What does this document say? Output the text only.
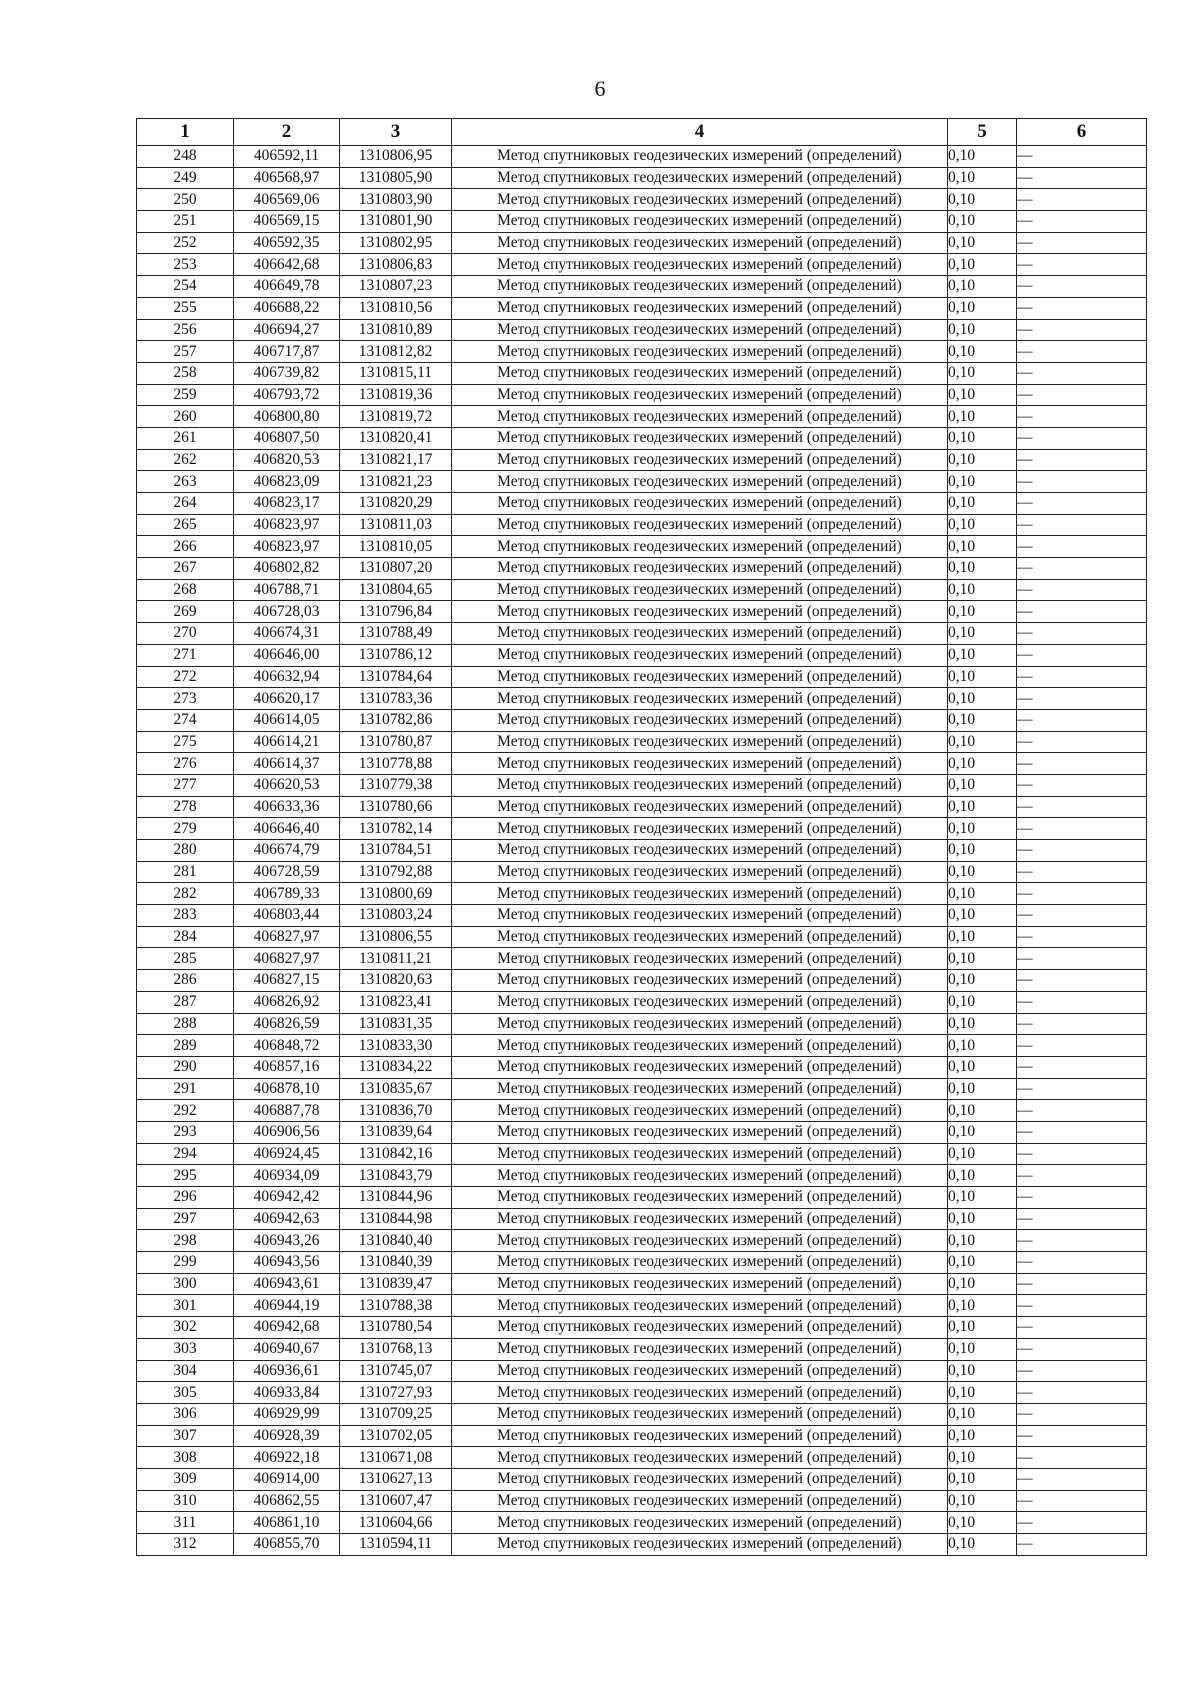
6
1	2	3	4	5	6
248	406592,11	1310806,95	Метод спутниковых геодезических измерений (определений)	0,10	—
249	406568,97	1310805,90	Метод спутниковых геодезических измерений (определений)	0,10	—
250	406569,06	1310803,90	Метод спутниковых геодезических измерений (определений)	0,10	—
251	406569,15	1310801,90	Метод спутниковых геодезических измерений (определений)	0,10	—
252	406592,35	1310802,95	Метод спутниковых геодезических измерений (определений)	0,10	—
253	406642,68	1310806,83	Метод спутниковых геодезических измерений (определений)	0,10	—
254	406649,78	1310807,23	Метод спутниковых геодезических измерений (определений)	0,10	—
255	406688,22	1310810,56	Метод спутниковых геодезических измерений (определений)	0,10	—
256	406694,27	1310810,89	Метод спутниковых геодезических измерений (определений)	0,10	—
257	406717,87	1310812,82	Метод спутниковых геодезических измерений (определений)	0,10	—
258	406739,82	1310815,11	Метод спутниковых геодезических измерений (определений)	0,10	—
259	406793,72	1310819,36	Метод спутниковых геодезических измерений (определений)	0,10	—
260	406800,80	1310819,72	Метод спутниковых геодезических измерений (определений)	0,10	—
261	406807,50	1310820,41	Метод спутниковых геодезических измерений (определений)	0,10	—
262	406820,53	1310821,17	Метод спутниковых геодезических измерений (определений)	0,10	—
263	406823,09	1310821,23	Метод спутниковых геодезических измерений (определений)	0,10	—
264	406823,17	1310820,29	Метод спутниковых геодезических измерений (определений)	0,10	—
265	406823,97	1310811,03	Метод спутниковых геодезических измерений (определений)	0,10	—
266	406823,97	1310810,05	Метод спутниковых геодезических измерений (определений)	0,10	—
267	406802,82	1310807,20	Метод спутниковых геодезических измерений (определений)	0,10	—
268	406788,71	1310804,65	Метод спутниковых геодезических измерений (определений)	0,10	—
269	406728,03	1310796,84	Метод спутниковых геодезических измерений (определений)	0,10	—
270	406674,31	1310788,49	Метод спутниковых геодезических измерений (определений)	0,10	—
271	406646,00	1310786,12	Метод спутниковых геодезических измерений (определений)	0,10	—
272	406632,94	1310784,64	Метод спутниковых геодезических измерений (определений)	0,10	—
273	406620,17	1310783,36	Метод спутниковых геодезических измерений (определений)	0,10	—
274	406614,05	1310782,86	Метод спутниковых геодезических измерений (определений)	0,10	—
275	406614,21	1310780,87	Метод спутниковых геодезических измерений (определений)	0,10	—
276	406614,37	1310778,88	Метод спутниковых геодезических измерений (определений)	0,10	—
277	406620,53	1310779,38	Метод спутниковых геодезических измерений (определений)	0,10	—
278	406633,36	1310780,66	Метод спутниковых геодезических измерений (определений)	0,10	—
279	406646,40	1310782,14	Метод спутниковых геодезических измерений (определений)	0,10	—
280	406674,79	1310784,51	Метод спутниковых геодезических измерений (определений)	0,10	—
281	406728,59	1310792,88	Метод спутниковых геодезических измерений (определений)	0,10	—
282	406789,33	1310800,69	Метод спутниковых геодезических измерений (определений)	0,10	—
283	406803,44	1310803,24	Метод спутниковых геодезических измерений (определений)	0,10	—
284	406827,97	1310806,55	Метод спутниковых геодезических измерений (определений)	0,10	—
285	406827,97	1310811,21	Метод спутниковых геодезических измерений (определений)	0,10	—
286	406827,15	1310820,63	Метод спутниковых геодезических измерений (определений)	0,10	—
287	406826,92	1310823,41	Метод спутниковых геодезических измерений (определений)	0,10	—
288	406826,59	1310831,35	Метод спутниковых геодезических измерений (определений)	0,10	—
289	406848,72	1310833,30	Метод спутниковых геодезических измерений (определений)	0,10	—
290	406857,16	1310834,22	Метод спутниковых геодезических измерений (определений)	0,10	—
291	406878,10	1310835,67	Метод спутниковых геодезических измерений (определений)	0,10	—
292	406887,78	1310836,70	Метод спутниковых геодезических измерений (определений)	0,10	—
293	406906,56	1310839,64	Метод спутниковых геодезических измерений (определений)	0,10	—
294	406924,45	1310842,16	Метод спутниковых геодезических измерений (определений)	0,10	—
295	406934,09	1310843,79	Метод спутниковых геодезических измерений (определений)	0,10	—
296	406942,42	1310844,96	Метод спутниковых геодезических измерений (определений)	0,10	—
297	406942,63	1310844,98	Метод спутниковых геодезических измерений (определений)	0,10	—
298	406943,26	1310840,40	Метод спутниковых геодезических измерений (определений)	0,10	—
299	406943,56	1310840,39	Метод спутниковых геодезических измерений (определений)	0,10	—
300	406943,61	1310839,47	Метод спутниковых геодезических измерений (определений)	0,10	—
301	406944,19	1310788,38	Метод спутниковых геодезических измерений (определений)	0,10	—
302	406942,68	1310780,54	Метод спутниковых геодезических измерений (определений)	0,10	—
303	406940,67	1310768,13	Метод спутниковых геодезических измерений (определений)	0,10	—
304	406936,61	1310745,07	Метод спутниковых геодезических измерений (определений)	0,10	—
305	406933,84	1310727,93	Метод спутниковых геодезических измерений (определений)	0,10	—
306	406929,99	1310709,25	Метод спутниковых геодезических измерений (определений)	0,10	—
307	406928,39	1310702,05	Метод спутниковых геодезических измерений (определений)	0,10	—
308	406922,18	1310671,08	Метод спутниковых геодезических измерений (определений)	0,10	—
309	406914,00	1310627,13	Метод спутниковых геодезических измерений (определений)	0,10	—
310	406862,55	1310607,47	Метод спутниковых геодезических измерений (определений)	0,10	—
311	406861,10	1310604,66	Метод спутниковых геодезических измерений (определений)	0,10	—
312	406855,70	1310594,11	Метод спутниковых геодезических измерений (определений)	0,10	—
